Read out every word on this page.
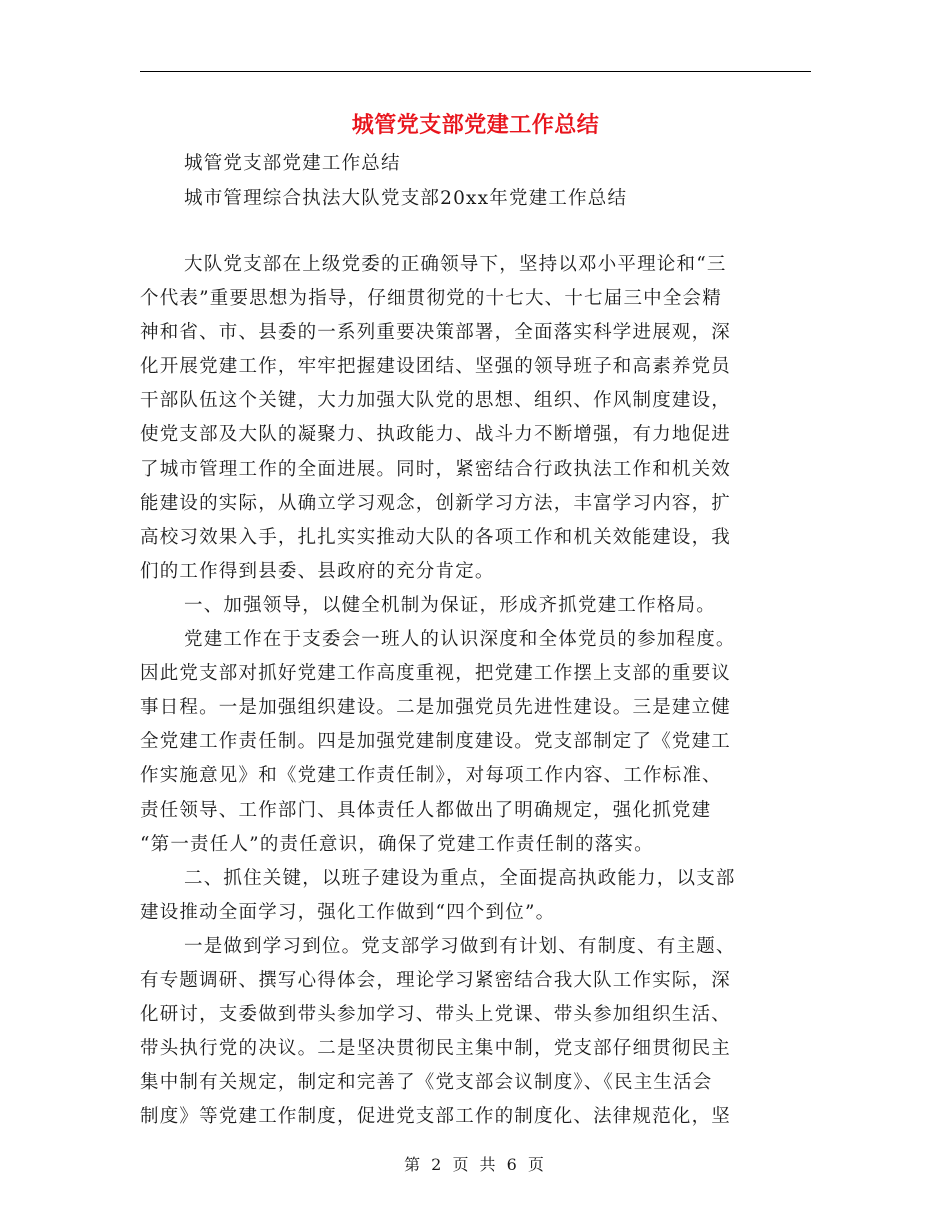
城管党支部党建工作总结
城管党支部党建工作总结
城市管理综合执法大队党支部20xx年党建工作总结
大队党支部在上级党委的正确领导下，坚持以邓小平理论和“三
个代表”重要思想为指导，仔细贯彻党的十七大、十七届三中全会精
神和省、市、县委的一系列重要决策部署，全面落实科学进展观，深
化开展党建工作，牢牢把握建设团结、坚强的领导班子和高素养党员
干部队伍这个关键，大力加强大队党的思想、组织、作风制度建设，
使党支部及大队的凝聚力、执政能力、战斗力不断增强，有力地促进
了城市管理工作的全面进展。同时，紧密结合行政执法工作和机关效
能建设的实际，从确立学习观念，创新学习方法，丰富学习内容，扩
高校习效果入手，扎扎实实推动大队的各项工作和机关效能建设，我
们的工作得到县委、县政府的充分肯定。
一、加强领导，以健全机制为保证，形成齐抓党建工作格局。
党建工作在于支委会一班人的认识深度和全体党员的参加程度。
因此党支部对抓好党建工作高度重视，把党建工作摆上支部的重要议
事日程。一是加强组织建设。二是加强党员先进性建设。三是建立健
全党建工作责任制。四是加强党建制度建设。党支部制定了《党建工
作实施意见》和《党建工作责任制》，对每项工作内容、工作标准、
责任领导、工作部门、具体责任人都做出了明确规定，强化抓党建
“第一责任人”的责任意识，确保了党建工作责任制的落实。
二、抓住关键，以班子建设为重点，全面提高执政能力，以支部
建设推动全面学习，强化工作做到“四个到位”。
一是做到学习到位。党支部学习做到有计划、有制度、有主题、
有专题调研、撰写心得体会，理论学习紧密结合我大队工作实际，深
化研讨，支委做到带头参加学习、带头上党课、带头参加组织生活、
带头执行党的决议。二是坚决贯彻民主集中制，党支部仔细贯彻民主
集中制有关规定，制定和完善了《党支部会议制度》、《民主生活会
制度》等党建工作制度，促进党支部工作的制度化、法律规范化，坚
第 2 页 共 6 页
